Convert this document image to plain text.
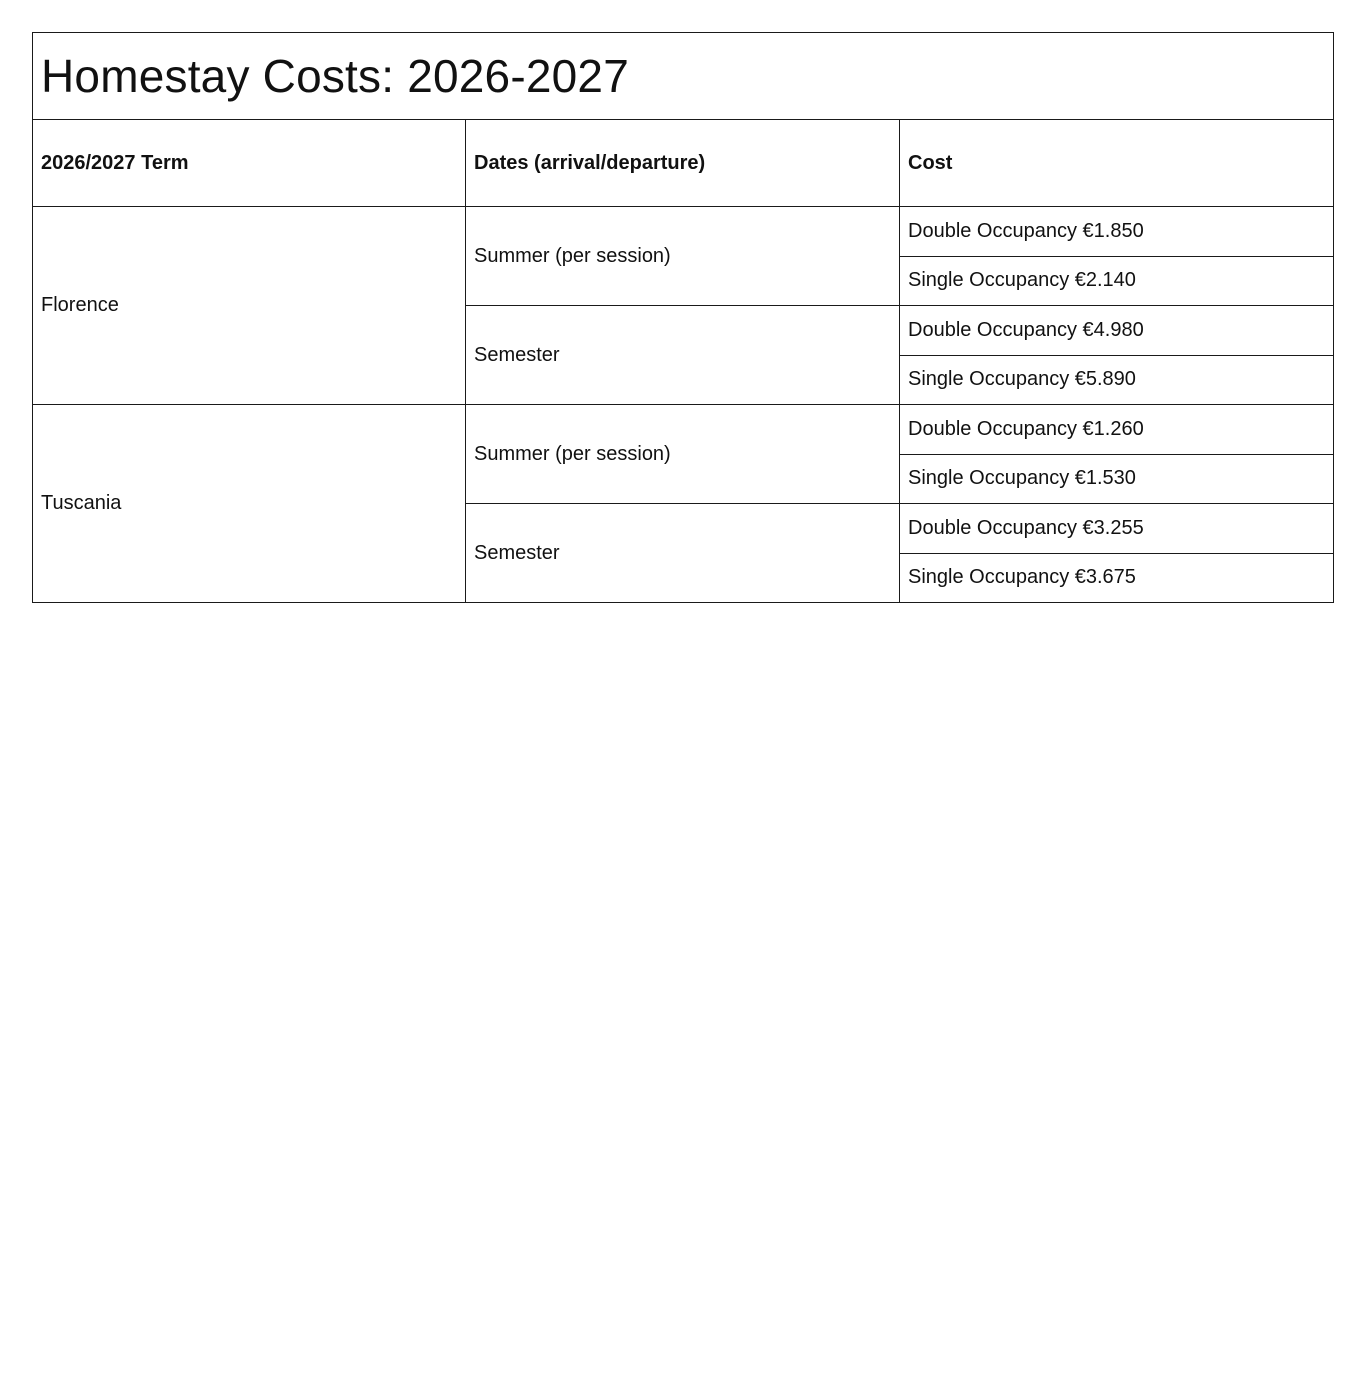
Homestay Costs: 2026-2027		
2026/2027 Term	Dates (arrival/departure)	Cost
Florence	Summer (per session)	Double Occupancy €1.850
		Single Occupancy €2.140
	Semester	Double Occupancy €4.980
		Single Occupancy €5.890
Tuscania	Summer (per session)	Double Occupancy €1.260
		Single Occupancy €1.530
	Semester	Double Occupancy €3.255
		Single Occupancy €3.675
